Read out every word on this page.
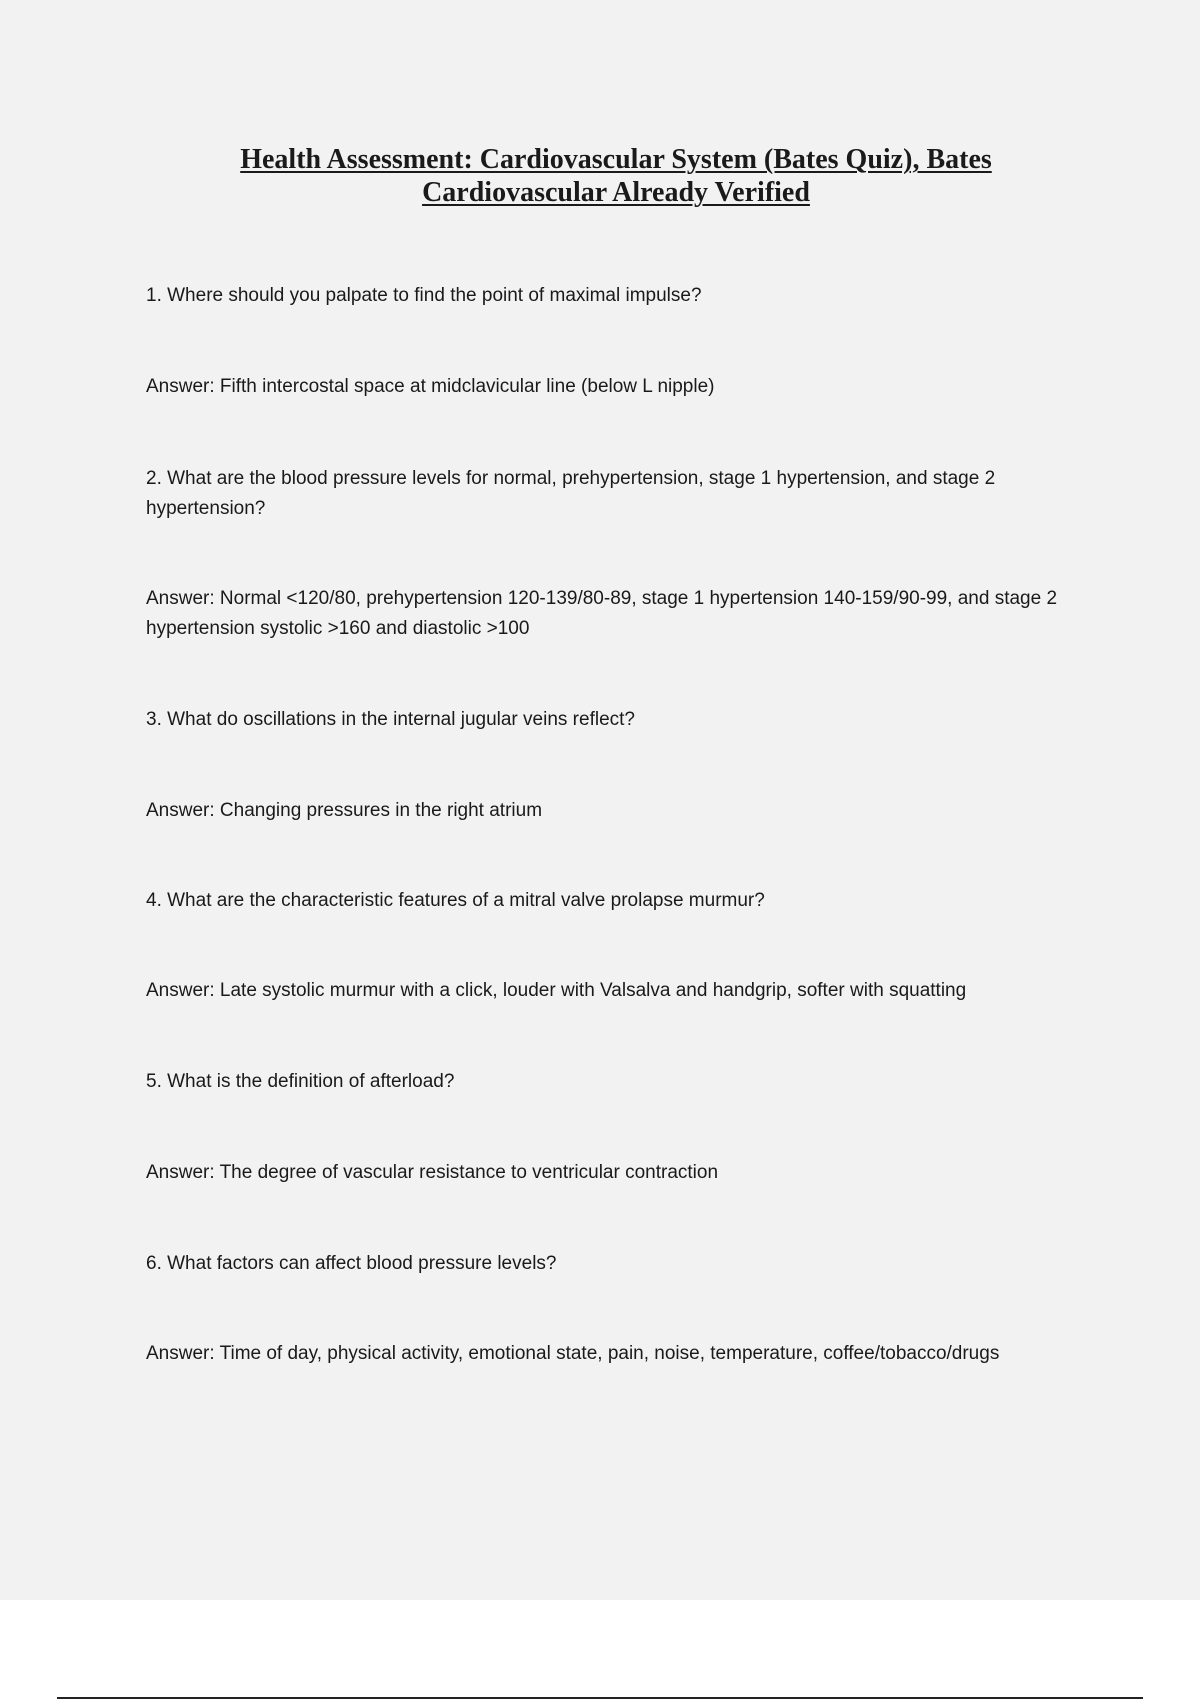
Health Assessment: Cardiovascular System (Bates Quiz), Bates
Cardiovascular Already Verified

1. Where should you palpate to find the point of maximal impulse?

Answer: Fifth intercostal space at midclavicular line (below L nipple)

2. What are the blood pressure levels for normal, prehypertension, stage 1 hypertension, and stage 2 hypertension?

Answer: Normal <120/80, prehypertension 120-139/80-89, stage 1 hypertension 140-159/90-99, and stage 2 hypertension systolic >160 and diastolic >100

3. What do oscillations in the internal jugular veins reflect?

Answer: Changing pressures in the right atrium

4. What are the characteristic features of a mitral valve prolapse murmur?

Answer: Late systolic murmur with a click, louder with Valsalva and handgrip, softer with squatting

5. What is the definition of afterload?

Answer: The degree of vascular resistance to ventricular contraction

6. What factors can affect blood pressure levels?

Answer: Time of day, physical activity, emotional state, pain, noise, temperature, coffee/tobacco/drugs
